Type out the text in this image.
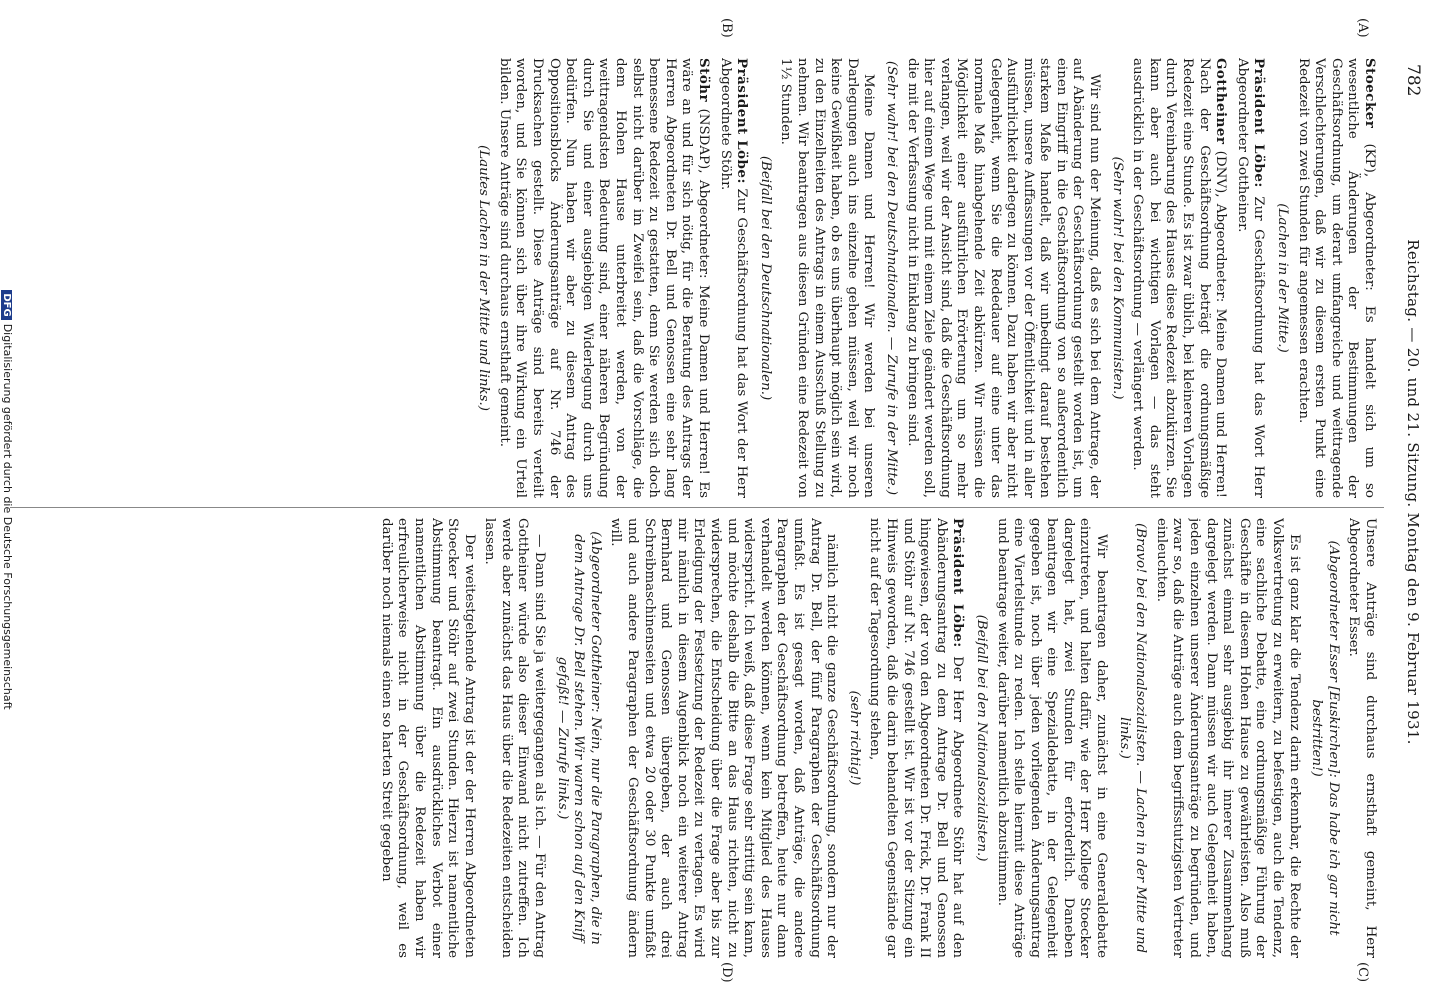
782
Reichstag. — 20. und 21. Sitzung. Montag den 9. Februar 1931.
(A)
(B)
(C)
(D)

Stoecker (KP), Abgeordneter: Es handelt sich um so wesentliche Änderungen der Bestimmungen der Geschäftsordnung, um derart umfangreiche und weittragende Verschlechterungen, daß wir zu diesem ersten Punkt eine Redezeit von zwei Stunden für angemessen erachten.

(Lachen in der Mitte.)

Präsident Löbe: Zur Geschäftsordnung hat das Wort Herr Abgeordneter Gottheiner.

Gottheiner (DNV), Abgeordneter: Meine Damen und Herren! Nach der Geschäftsordnung beträgt die ordnungsmäßige Redezeit eine Stunde. Es ist zwar üblich, bei kleineren Vorlagen durch Vereinbarung des Hauses diese Redezeit abzukürzen. Sie kann aber auch bei wichtigen Vorlagen — das steht ausdrücklich in der Geschäftsordnung — verlängert werden.

(Sehr wahr! bei den Kommunisten.)

Wir sind nun der Meinung, daß es sich bei dem Antrage, der auf Abänderung der Geschäftsordnung gestellt worden ist, um einen Eingriff in die Geschäftsordnung von so außerordentlich starkem Maße handelt, daß wir unbedingt darauf bestehen müssen, unsere Auffassungen vor der Öffentlichkeit und in aller Ausführlichkeit darlegen zu können. Dazu haben wir aber nicht Gelegenheit, wenn Sie die Rededauer auf eine unter das normale Maß hinabgehende Zeit abkürzen. Wir müssen die Möglichkeit einer ausführlichen Erörterung um so mehr verlangen, weil wir der Ansicht sind, daß die Geschäftsordnung hier auf einem Wege und mit einem Ziele geändert werden soll, die mit der Verfassung nicht in Einklang zu bringen sind.

(Sehr wahr! bei den Deutschnationalen. — Zurufe in der Mitte.)

Meine Damen und Herren! Wir werden bei unseren Darlegungen auch ins einzelne gehen müssen, weil wir noch keine Gewißheit haben, ob es uns überhaupt möglich sein wird, zu den Einzelheiten des Antrags in einem Ausschuß Stellung zu nehmen. Wir beantragen aus diesen Gründen eine Redezeit von 1½ Stunden.

(Beifall bei den Deutschnationalen.)

Präsident Löbe: Zur Geschäftsordnung hat das Wort der Herr Abgeordnete Stöhr.

Stöhr (NSDAP), Abgeordneter: Meine Damen und Herren! Es wäre an und für sich nötig, für die Beratung des Antrags der Herren Abgeordneten Dr. Bell und Genossen eine sehr lang bemessene Redezeit zu gestatten, denn Sie werden sich doch selbst nicht darüber im Zweifel sein, daß die Vorschläge, die dem Hohen Hause unterbreitet werden, von der weittragendsten Bedeutung sind, einer näheren Begründung durch Sie und einer ausgiebigen Widerlegung durch uns bedürfen. Nun haben wir aber zu diesem Antrag des Oppositionsblocks Änderungsanträge auf Nr. 746 der Drucksachen gestellt. Diese Anträge sind bereits verteilt worden, und Sie können sich über ihre Wirkung ein Urteil bilden. Unsere Anträge sind durchaus ernsthaft gemeint.

(Lautes Lachen in der Mitte und links.)

Unsere Anträge sind durchaus ernsthaft gemeint, Herr Abgeordneter Esser.

(Abgeordneter Esser [Euskirchen]: Das habe ich gar nicht bestritten!)

Es ist ganz klar die Tendenz darin erkennbar, die Rechte der Volksvertretung zu erweitern, zu befestigen, auch die Tendenz, eine sachliche Debatte, eine ordnungsmäßige Führung der Geschäfte in diesem Hohen Hause zu gewährleisten. Also muß zunächst einmal sehr ausgiebig ihr innerer Zusammenhang dargelegt werden. Dann müssen wir auch Gelegenheit haben, jeden einzelnen unserer Änderungsanträge zu begründen, und zwar so, daß die Anträge auch dem begriffsstutzigsten Vertreter einleuchten.

(Bravo! bei den Nationalsozialisten. — Lachen in der Mitte und links.)

Wir beantragen daher, zunächst in eine Generaldebatte einzutreten, und halten dafür, wie der Herr Kollege Stoecker dargelegt hat, zwei Stunden für erforderlich. Daneben beantragen wir eine Spezialdebatte, in der Gelegenheit gegeben ist, noch über jeden vorliegenden Änderungsantrag eine Viertelstunde zu reden. Ich stelle hiermit diese Anträge und beantrage weiter, darüber namentlich abzustimmen.

(Beifall bei den Nationalsozialisten.)

Präsident Löbe: Der Herr Abgeordnete Stöhr hat auf den Abänderungsantrag zu dem Antrage Dr. Bell und Genossen hingewiesen, der von den Abgeordneten Dr. Frick, Dr. Frank II und Stöhr auf Nr. 746 gestellt ist. Wir ist vor der Sitzung ein Hinweis geworden, daß die darin behandelten Gegenstände gar nicht auf der Tagesordnung stehen,

(sehr richtig!)

nämlich nicht die ganze Geschäftsordnung, sondern nur der Antrag Dr. Bell, der fünf Paragraphen der Geschäftsordnung umfaßt. Es ist gesagt worden, daß Anträge, die andere Paragraphen der Geschäftsordnung betreffen, heute nur dann verhandelt werden können, wenn kein Mitglied des Hauses widerspricht. Ich weiß, daß diese Frage sehr strittig sein kann, und möchte deshalb die Bitte an das Haus richten, nicht zu widersprechen, die Entscheidung über die Frage aber bis zur Erledigung der Festsetzung der Redezeit zu vertagen. Es wird mir nämlich in diesem Augenblick noch ein weiterer Antrag Bernhard und Genossen übergeben, der auch drei Schreibmaschinenseiten und etwa 20 oder 30 Punkte umfaßt und auch andere Paragraphen der Geschäftsordnung ändern will.

(Abgeordneter Gottheiner: Nein, nur die Paragraphen, die in dem Antrage Dr. Bell stehen. Wir waren schon auf den Kniff gefaßt! — Zurufe links.)

— Dann sind Sie ja weitergegangen als ich. — Für den Antrag Gottheiner würde also dieser Einwand nicht zutreffen. Ich werde aber zunächst das Haus über die Redezeiten entscheiden lassen.

Der weitestgehende Antrag ist der der Herren Abgeordneten Stoecker und Stöhr auf zwei Stunden. Hierzu ist namentliche Abstimmung beantragt. Ein ausdrückliches Verbot einer namentlichen Abstimmung über die Redezeit haben wir erfreulicherweise nicht in der Geschäftsordnung, weil es darüber noch niemals einen so harten Streit gegeben

DFGDigitalisierung gefördert durch die Deutsche Forschungsgemeinschaft
